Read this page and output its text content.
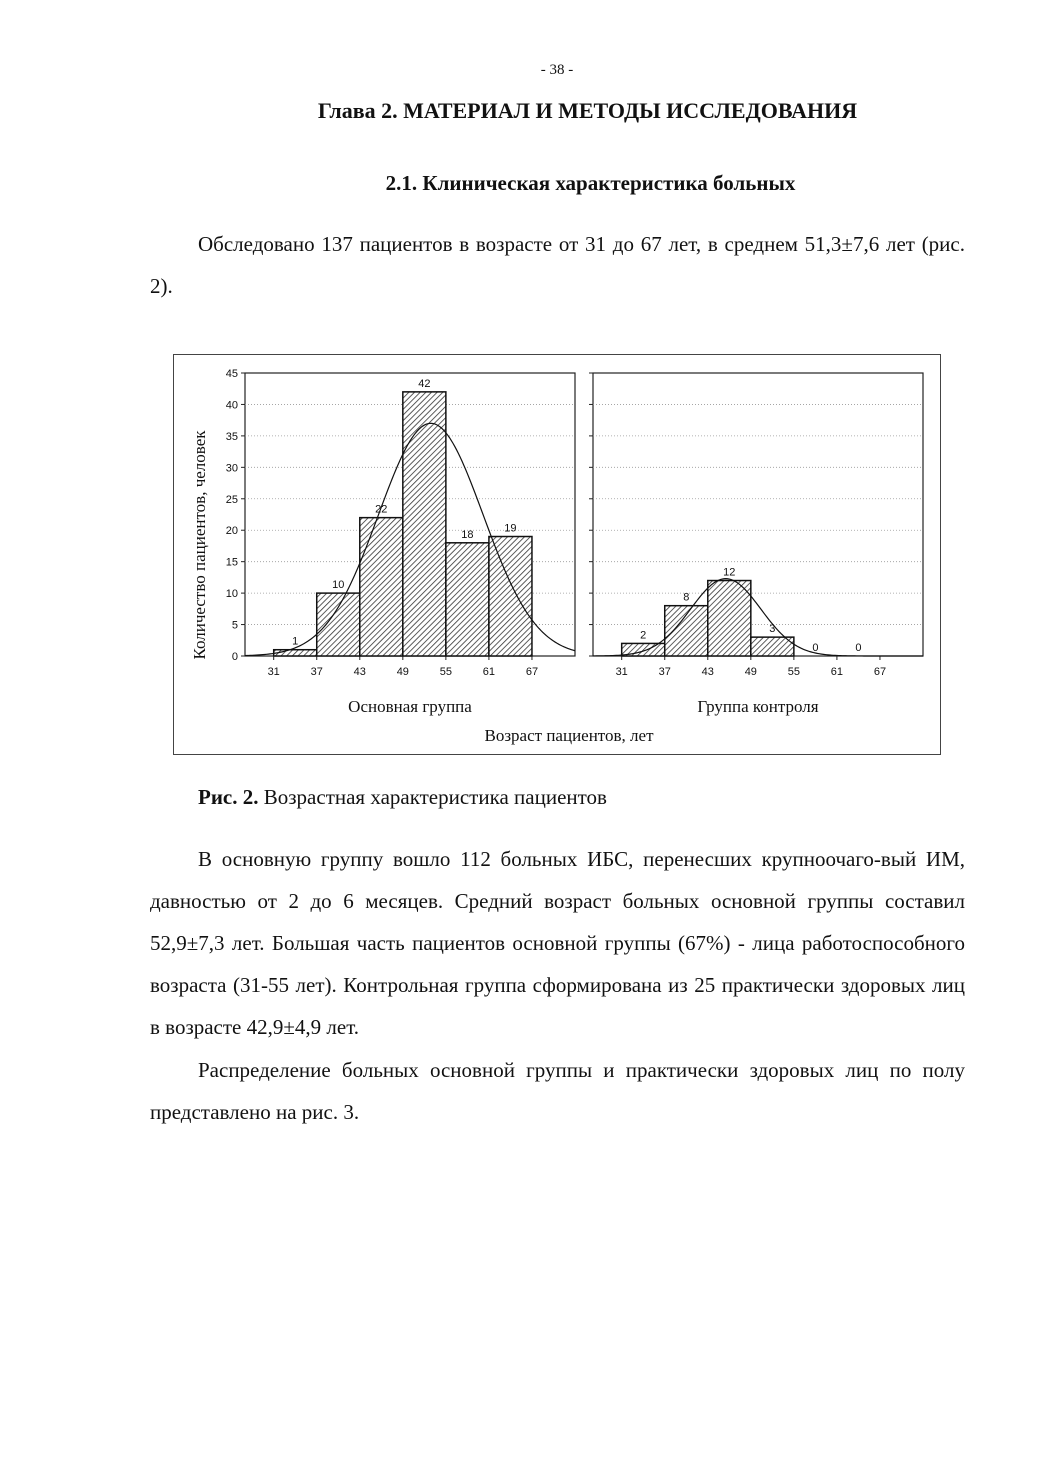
- 38 -
Глава 2. МАТЕРИАЛ И МЕТОДЫ ИССЛЕДОВАНИЯ
2.1. Клиническая характеристика больных

Обследовано 137 пациентов в возрасте от 31 до 67 лет, в среднем 51,3±7,6 лет (рис. 2).

0
5
10
15
20
25
30
35
40
45
1
10
22
42
18
19
31	37	43	49	55	61	67
Основная группа
2
8
12
3
0	0
31	37	43	49	55	61	67
Группа контроля
Количество пациентов, человек
Возраст пациентов, лет
Рис. 2. Возрастная характеристика пациентов

В основную группу вошло 112 больных ИБС, перенесших крупноочаго-вый ИМ, давностью от 2 до 6 месяцев. Средний возраст больных основной группы составил 52,9±7,3 лет. Большая часть пациентов основной группы (67%) - лица работоспособного возраста (31-55 лет). Контрольная группа сформирована из 25 практически здоровых лиц в возрасте 42,9±4,9 лет.

Распределение больных основной группы и практически здоровых лиц по полу представлено на рис. 3.
